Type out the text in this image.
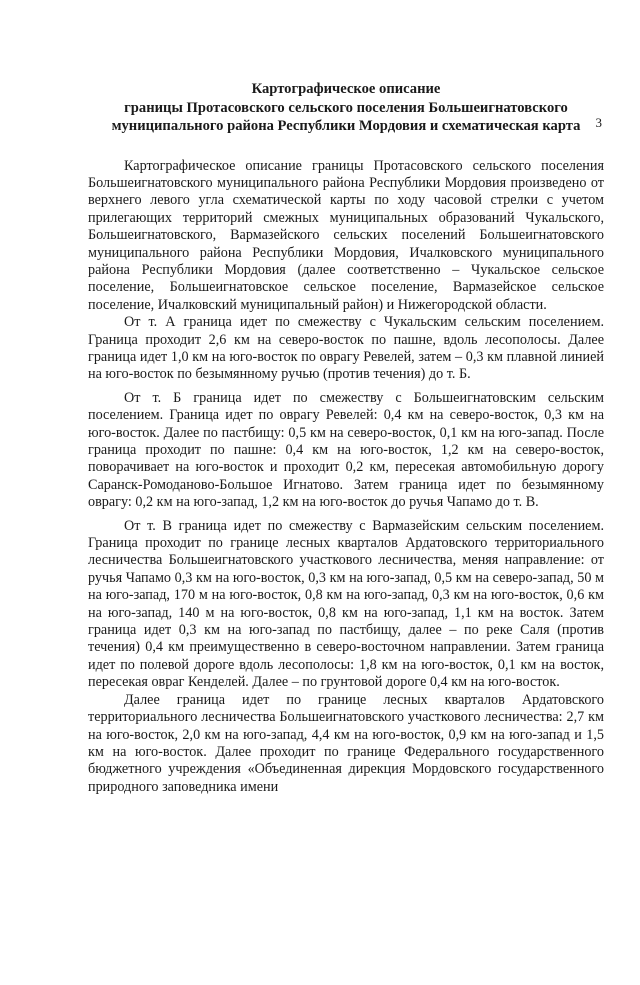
3
Картографическое описание
границы Протасовского сельского поселения Большеигнатовского
муниципального района Республики Мордовия и схематическая карта

Картографическое описание границы Протасовского сельского поселения Большеигнатовского муниципального района Республики Мордовия произведено от верхнего левого угла схематической карты по ходу часовой стрелки с учетом прилегающих территорий смежных муниципальных образований Чукальского, Большеигнатовского, Вармазейского сельских поселений Большеигнатовского муниципального района Республики Мордовия, Ичалковского муниципального района Республики Мордовия (далее соответственно – Чукальское сельское поселение, Большеигнатовское сельское поселение, Вармазейское сельское поселение, Ичалковский муниципальный район) и Нижегородской области.

От т. А граница идет по смежеству с Чукальским сельским поселением. Граница проходит 2,6 км на северо-восток по пашне, вдоль лесополосы. Далее граница идет 1,0 км на юго-восток по оврагу Ревелей, затем – 0,3 км плавной линией на юго-восток по безымянному ручью (против течения) до т. Б.

От т. Б граница идет по смежеству с Большеигнатовским сельским поселением. Граница идет по оврагу Ревелей: 0,4 км на северо-восток, 0,3 км на юго-восток. Далее по пастбищу: 0,5 км на северо-восток, 0,1 км на юго-запад. После граница проходит по пашне: 0,4 км на юго-восток, 1,2 км на северо-восток, поворачивает на юго-восток и проходит 0,2 км, пересекая автомобильную дорогу Саранск-Ромоданово-Большое Игнатово. Затем граница идет по безымянному оврагу: 0,2 км на юго-запад, 1,2 км на юго-восток до ручья Чапамо до т. В.

От т. В граница идет по смежеству с Вармазейским сельским поселением. Граница проходит по границе лесных кварталов Ардатовского территориального лесничества Большеигнатовского участкового лесничества, меняя направление: от ручья Чапамо 0,3 км на юго-восток, 0,3 км на юго-запад, 0,5 км на северо-запад, 50 м на юго-запад, 170 м на юго-восток, 0,8 км на юго-запад, 0,3 км на юго-восток, 0,6 км на юго-запад, 140 м на юго-восток, 0,8 км на юго-запад, 1,1 км на восток. Затем граница идет 0,3 км на юго-запад по пастбищу, далее – по реке Саля (против течения) 0,4 км преимущественно в северо-восточном направлении. Затем граница идет по полевой дороге вдоль лесополосы: 1,8 км на юго-восток, 0,1 км на восток, пересекая овраг Кенделей. Далее – по грунтовой дороге 0,4 км на юго-восток.

Далее граница идет по границе лесных кварталов Ардатовского территориального лесничества Большеигнатовского участкового лесничества: 2,7 км на юго-восток, 2,0 км на юго-запад, 4,4 км на юго-восток, 0,9 км на юго-запад и 1,5 км на юго-восток. Далее проходит по границе Федерального государственного бюджетного учреждения «Объединенная дирекция Мордовского государственного природного заповедника имени
